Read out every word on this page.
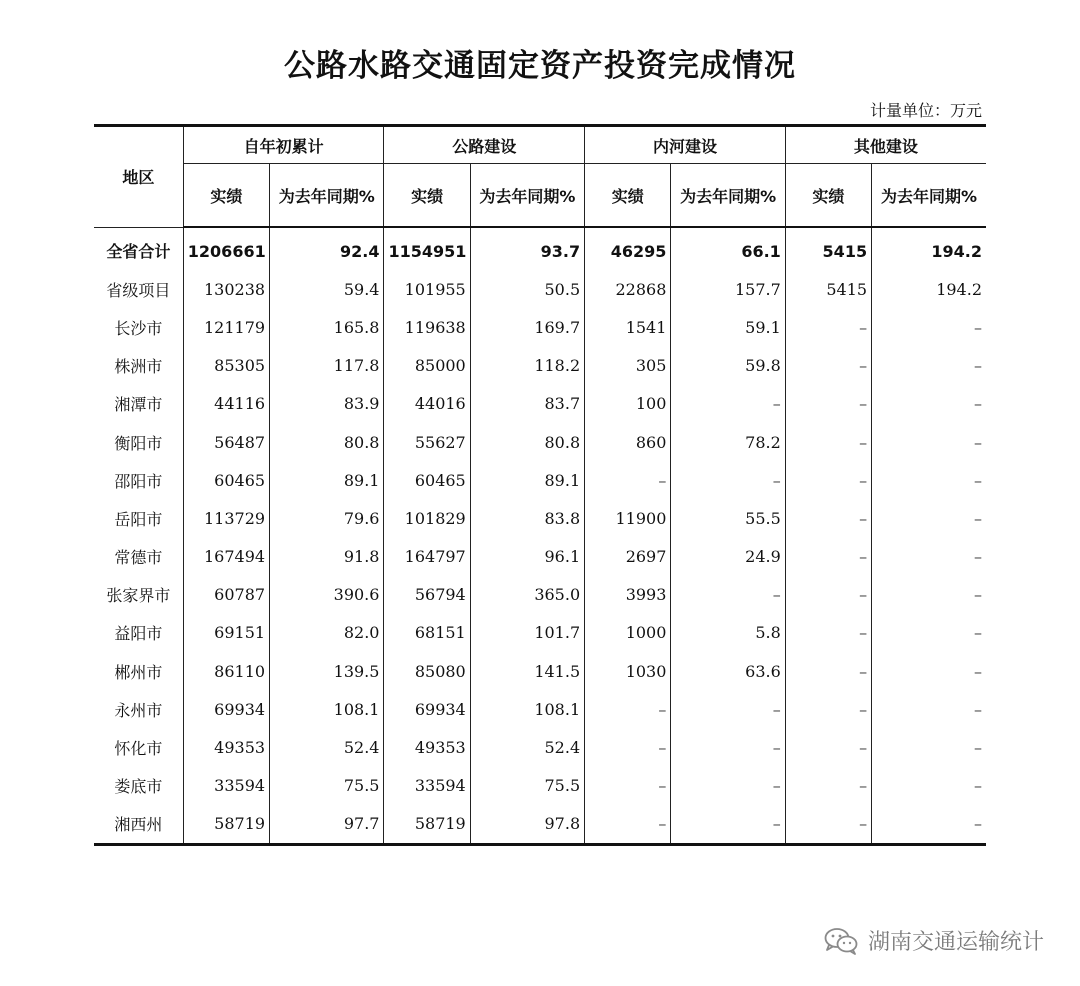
公路水路交通固定资产投资完成情况
计量单位：万元
地区	自年初累计		公路建设		内河建设		其他建设	
	实绩	为去年同期%	实绩	为去年同期%	实绩	为去年同期%	实绩	为去年同期%
全省合计	1206661	92.4	1154951	93.7	46295	66.1	5415	194.2
省级项目	130238	59.4	101955	50.5	22868	157.7	5415	194.2
长沙市	121179	165.8	119638	169.7	1541	59.1	–	–
株洲市	85305	117.8	85000	118.2	305	59.8	–	–
湘潭市	44116	83.9	44016	83.7	100	–	–	–
衡阳市	56487	80.8	55627	80.8	860	78.2	–	–
邵阳市	60465	89.1	60465	89.1	–	–	–	–
岳阳市	113729	79.6	101829	83.8	11900	55.5	–	–
常德市	167494	91.8	164797	96.1	2697	24.9	–	–
张家界市	60787	390.6	56794	365.0	3993	–	–	–
益阳市	69151	82.0	68151	101.7	1000	5.8	–	–
郴州市	86110	139.5	85080	141.5	1030	63.6	–	–
永州市	69934	108.1	69934	108.1	–	–	–	–
怀化市	49353	52.4	49353	52.4	–	–	–	–
娄底市	33594	75.5	33594	75.5	–	–	–	–
湘西州	58719	97.7	58719	97.8	–	–	–	–
湖南交通运输统计
